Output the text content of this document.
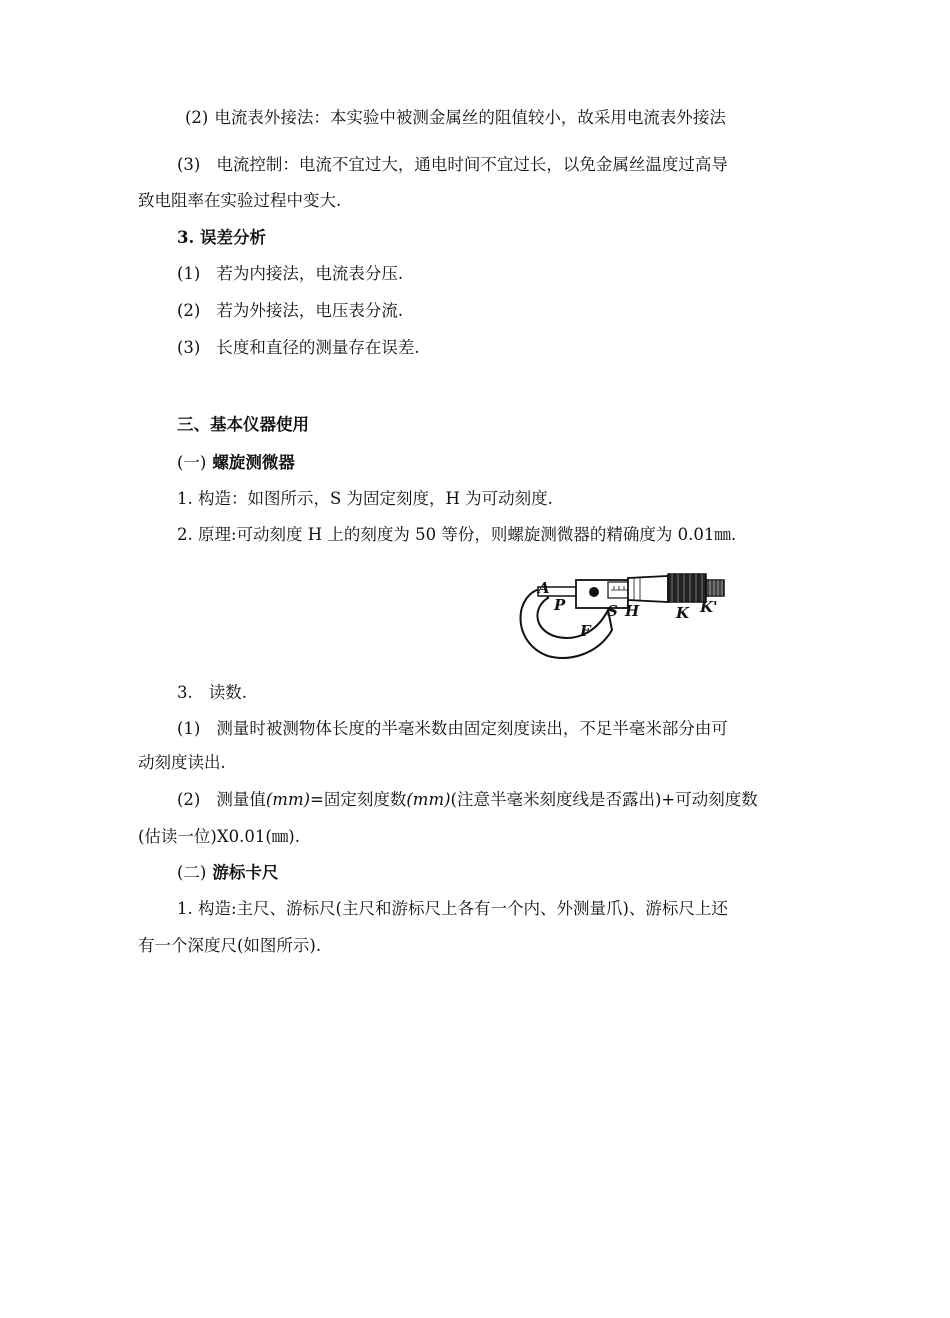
(2) 电流表外接法：本实验中被测金属丝的阻值较小，故采用电流表外接法
(3) 电流控制：电流不宜过大，通电时间不宜过长，以免金属丝温度过高导
致电阻率在实验过程中变大.
3. 误差分析
(1) 若为内接法，电流表分压.
(2) 若为外接法，电压表分流.
(3) 长度和直径的测量存在误差.
三、基本仪器使用
(一) 螺旋测微器
1. 构造：如图所示，S 为固定刻度，H 为可动刻度.
2. 原理:可动刻度 H 上的刻度为 50 等份，则螺旋测微器的精确度为 0.01㎜.
A
P	S H K K'
F
3. 读数.
(1) 测量时被测物体长度的半毫米数由固定刻度读出，不足半毫米部分由可
动刻度读出.
(2) 测量值(mm)=固定刻度数(mm)(注意半毫米刻度线是否露出)+可动刻度数
(估读一位)X0.01(㎜).
(二) 游标卡尺
1. 构造:主尺、游标尺(主尺和游标尺上各有一个内、外测量爪)、游标尺上还
有一个深度尺(如图所示).
